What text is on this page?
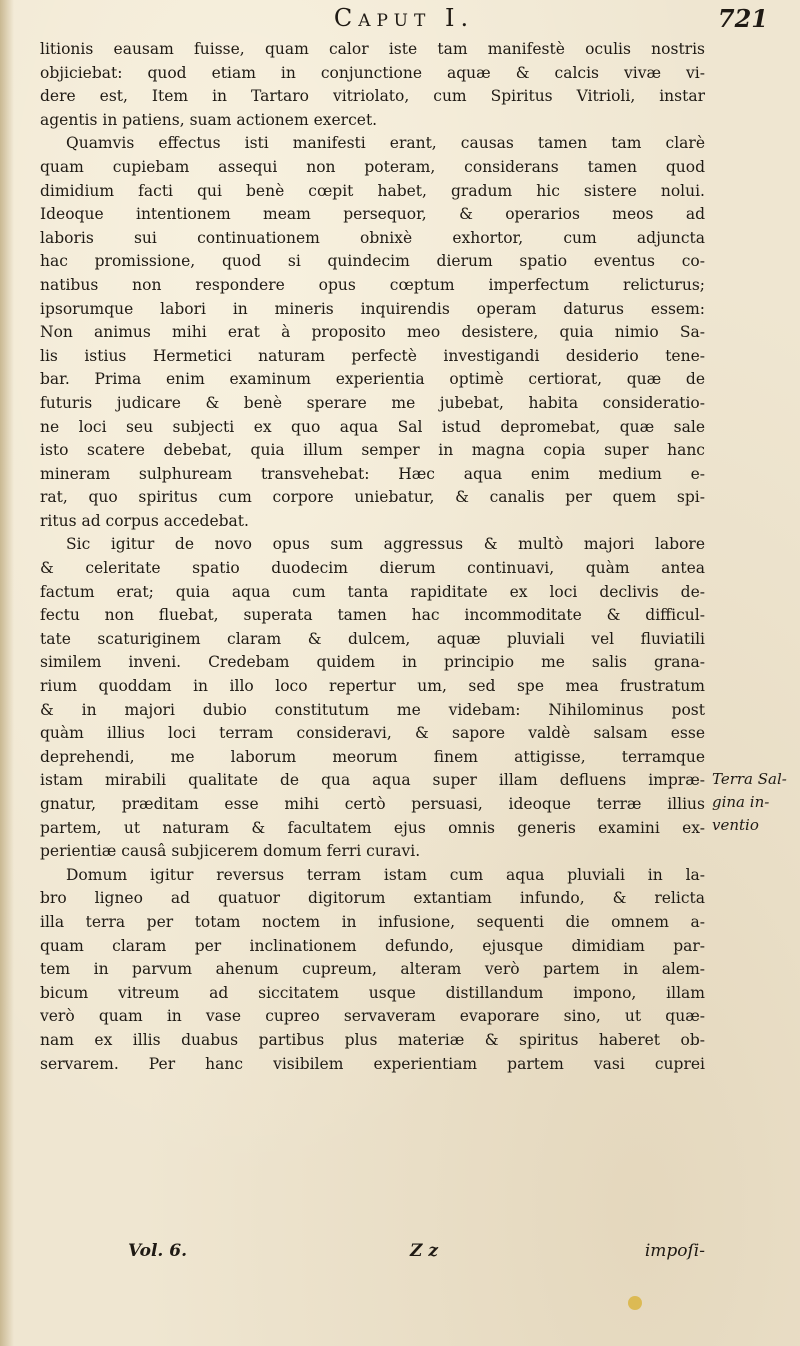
Caput I.	721
litionis eausam fuisse, quam calor iste tam manifestè oculis nostris
objiciebat: quod etiam in conjunctione aquæ & calcis vivæ vi-
dere est, Item in Tartaro vitriolato, cum Spiritus Vitrioli, instar
agentis in patiens, suam actionem exercet.
Quamvis effectus isti manifesti erant, causas tamen tam clarè
quam cupiebam assequi non poteram, considerans tamen quod
dimidium facti qui benè cœpit habet, gradum hic sistere nolui.
Ideoque intentionem meam persequor, & operarios meos ad
laboris sui continuationem obnixè exhortor, cum adjuncta
hac promissione, quod si quindecim dierum spatio eventus co-
natibus non respondere opus cœptum imperfectum relicturus;
ipsorumque labori in mineris inquirendis operam daturus essem:
Non animus mihi erat à proposito meo desistere, quia nimio Sa-
lis istius Hermetici naturam perfectè investigandi desiderio tene-
bar. Prima enim examinum experientia optimè certiorat, quæ de
futuris judicare & benè sperare me jubebat, habita consideratio-
ne loci seu subjecti ex quo aqua Sal istud depromebat, quæ sale
isto scatere debebat, quia illum semper in magna copia super hanc
mineram sulphuream transvehebat: Hæc aqua enim medium e-
rat, quo spiritus cum corpore uniebatur, & canalis per quem spi-
ritus ad corpus accedebat.
Sic igitur de novo opus sum aggressus & multò majori labore
& celeritate spatio duodecim dierum continuavi, quàm antea
factum erat; quia aqua cum tanta rapiditate ex loci declivis de-
fectu non fluebat, superata tamen hac incommoditate & difficul-
tate scaturiginem claram & dulcem, aquæ pluviali vel fluviatili
similem inveni. Credebam quidem in principio me salis grana-
rium quoddam in illo loco repertur um, sed spe mea frustratum
& in majori dubio constitutum me videbam: Nihilominus post
quàm illius loci terram consideravi, & sapore valdè salsam esse
deprehendi, me laborum meorum finem attigisse, terramque
istam mirabili qualitate de qua aqua super illam defluens impræ-
gnatur, præditam esse mihi certò persuasi, ideoque terræ illius
partem, ut naturam & facultatem ejus omnis generis examini ex-
perientiæ causâ subjicerem domum ferri curavi.
Domum igitur reversus terram istam cum aqua pluviali in la-
bro ligneo ad quatuor digitorum extantiam infundo, & relicta
illa terra per totam noctem in infusione, sequenti die omnem a-
quam claram per inclinationem defundo, ejusque dimidiam par-
tem in parvum ahenum cupreum, alteram verò partem in alem-
bicum vitreum ad siccitatem usque distillandum impono, illam
verò quam in vase cupreo servaveram evaporare sino, ut quæ-
nam ex illis duabus partibus plus materiæ & spiritus haberet ob-
servarem. Per hanc visibilem experientiam partem vasi cuprei
Terra Sal-
gina in-
ventio
Vol. 6.	Z z	impoſi-
